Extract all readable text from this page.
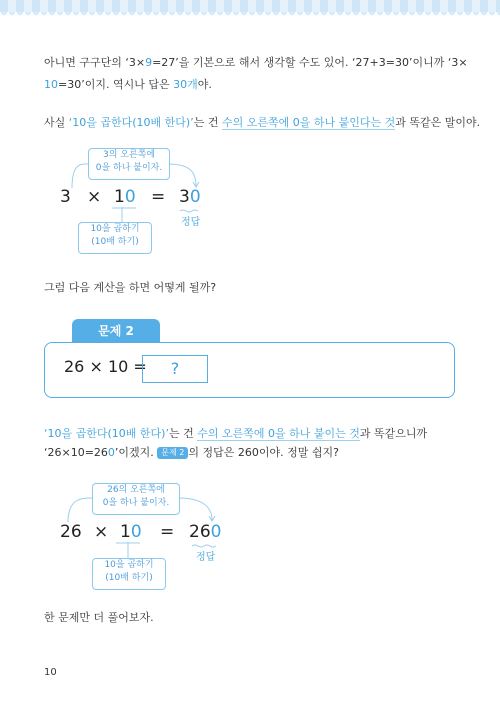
아니면 구구단의 ‘3×9=27’을 기본으로 해서 생각할 수도 있어. ‘27+3=30’이니까 ‘3×
10=30’이지. 역시나 답은 30개야.
사실 ‘10을 곱한다(10배 한다)’는 건 수의 오른쪽에 0을 하나 붙인다는 것과 똑같은 말이야.
3의 오른쪽에
0을 하나 붙이자.
3 × 10 = 30
정답
10을 곱하기
(10배 하기)
그럼 다음 계산을 하면 어떻게 될까?
문제 2
26 × 10 =	?
‘10을 곱한다(10배 한다)’는 건 수의 오른쪽에 0을 하나 붙이는 것과 똑같으니까
‘26×10=260’이겠지. 문제 2 의 정답은 260이야. 정말 쉽지?
26의 오른쪽에
0을 하나 붙이자.
26 × 10 = 260
정답
10을 곱하기
(10배 하기)
한 문제만 더 풀어보자.
10
